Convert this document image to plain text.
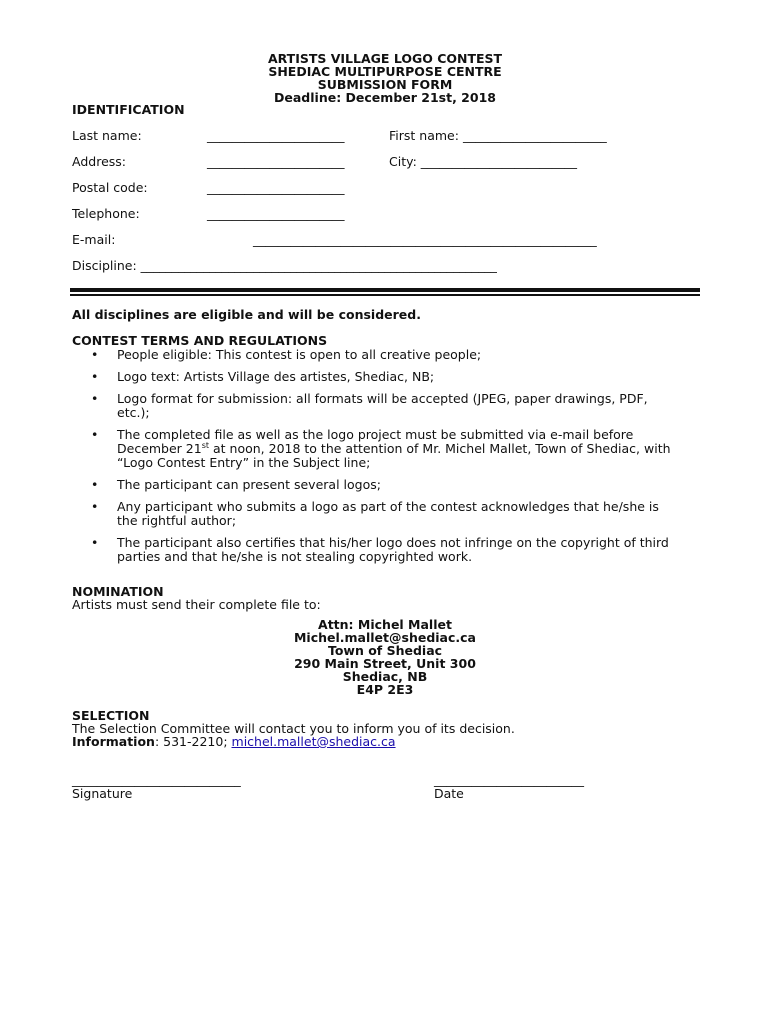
ARTISTS VILLAGE LOGO CONTEST
SHEDIAC MULTIPURPOSE CENTRE
SUBMISSION FORM
Deadline: December 21st, 2018
IDENTIFICATION
Last name:	______________________	First name: _______________________
Address:	______________________	City: _________________________
Postal code:	______________________
Telephone:	______________________
E-mail:	_______________________________________________________
Discipline: _________________________________________________________
All disciplines are eligible and will be considered.
CONTEST TERMS AND REGULATIONS
• People eligible: This contest is open to all creative people;
• Logo text: Artists Village des artistes, Shediac, NB;
• Logo format for submission: all formats will be accepted (JPEG, paper drawings, PDF, etc.);
• The completed file as well as the logo project must be submitted via e-mail before December 21st at noon, 2018 to the attention of Mr. Michel Mallet, Town of Shediac, with “Logo Contest Entry” in the Subject line;
• The participant can present several logos;
• Any participant who submits a logo as part of the contest acknowledges that he/she is the rightful author;
• The participant also certifies that his/her logo does not infringe on the copyright of third parties and that he/she is not stealing copyrighted work.
NOMINATION
Artists must send their complete file to:
Attn: Michel Mallet
Michel.mallet@shediac.ca
Town of Shediac
290 Main Street, Unit 300
Shediac, NB
E4P 2E3
SELECTION
The Selection Committee will contact you to inform you of its decision.
Information: 531-2210; michel.mallet@shediac.ca
___________________________
Signature
________________________
Date
